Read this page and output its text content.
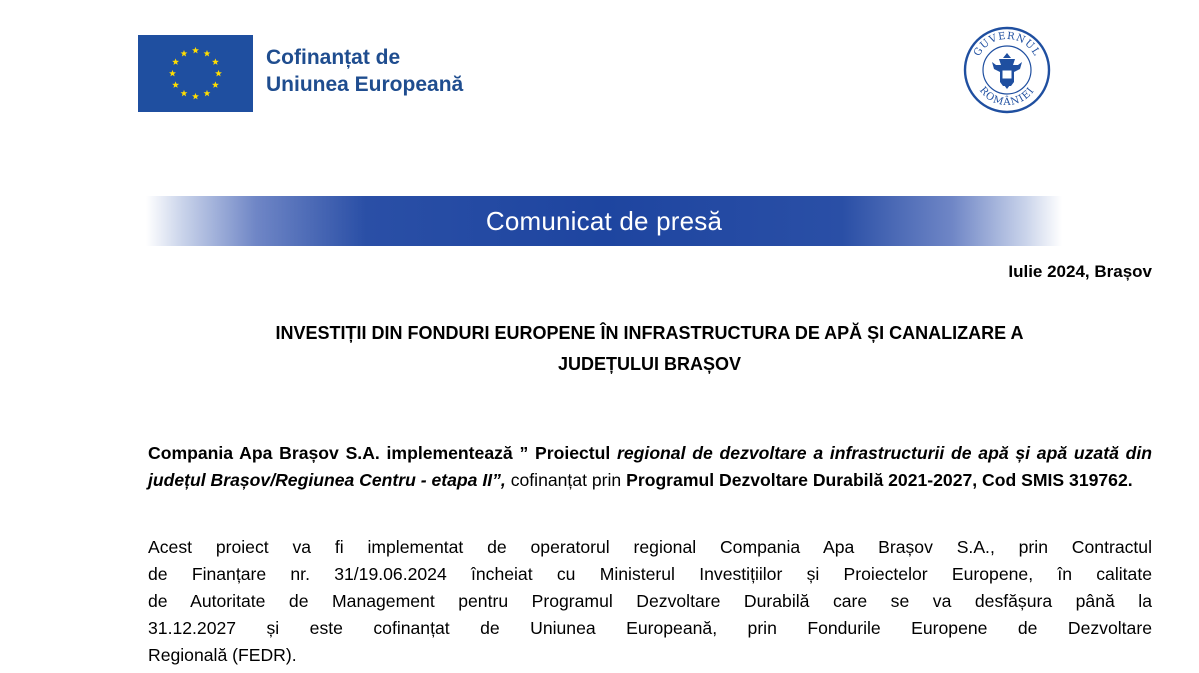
Cofinanțat de
Uniunea Europeană
GUVERNUL
ROMÂNIEI
Comunicat de presă
Iulie 2024, Brașov
INVESTIȚII DIN FONDURI EUROPENE ÎN INFRASTRUCTURA DE APĂ ȘI CANALIZARE A
JUDEȚULUI BRAȘOV
Compania Apa Brașov S.A. implementează ” Proiectul regional de dezvoltare a infrastructurii de apă și apă uzată din județul Brașov/Regiunea Centru - etapa II”, cofinanțat prin Programul Dezvoltare Durabilă 2021-2027, Cod SMIS 319762.
Acest proiect va fi implementat de operatorul regional Compania Apa Brașov S.A., prin Contractul
de Finanțare nr. 31/19.06.2024 încheiat cu Ministerul Investițiilor și Proiectelor Europene, în calitate
de Autoritate de Management pentru Programul Dezvoltare Durabilă care se va desfășura până la
31.12.2027 și este cofinanțat de Uniunea Europeană, prin Fondurile Europene de Dezvoltare
Regională (FEDR).
